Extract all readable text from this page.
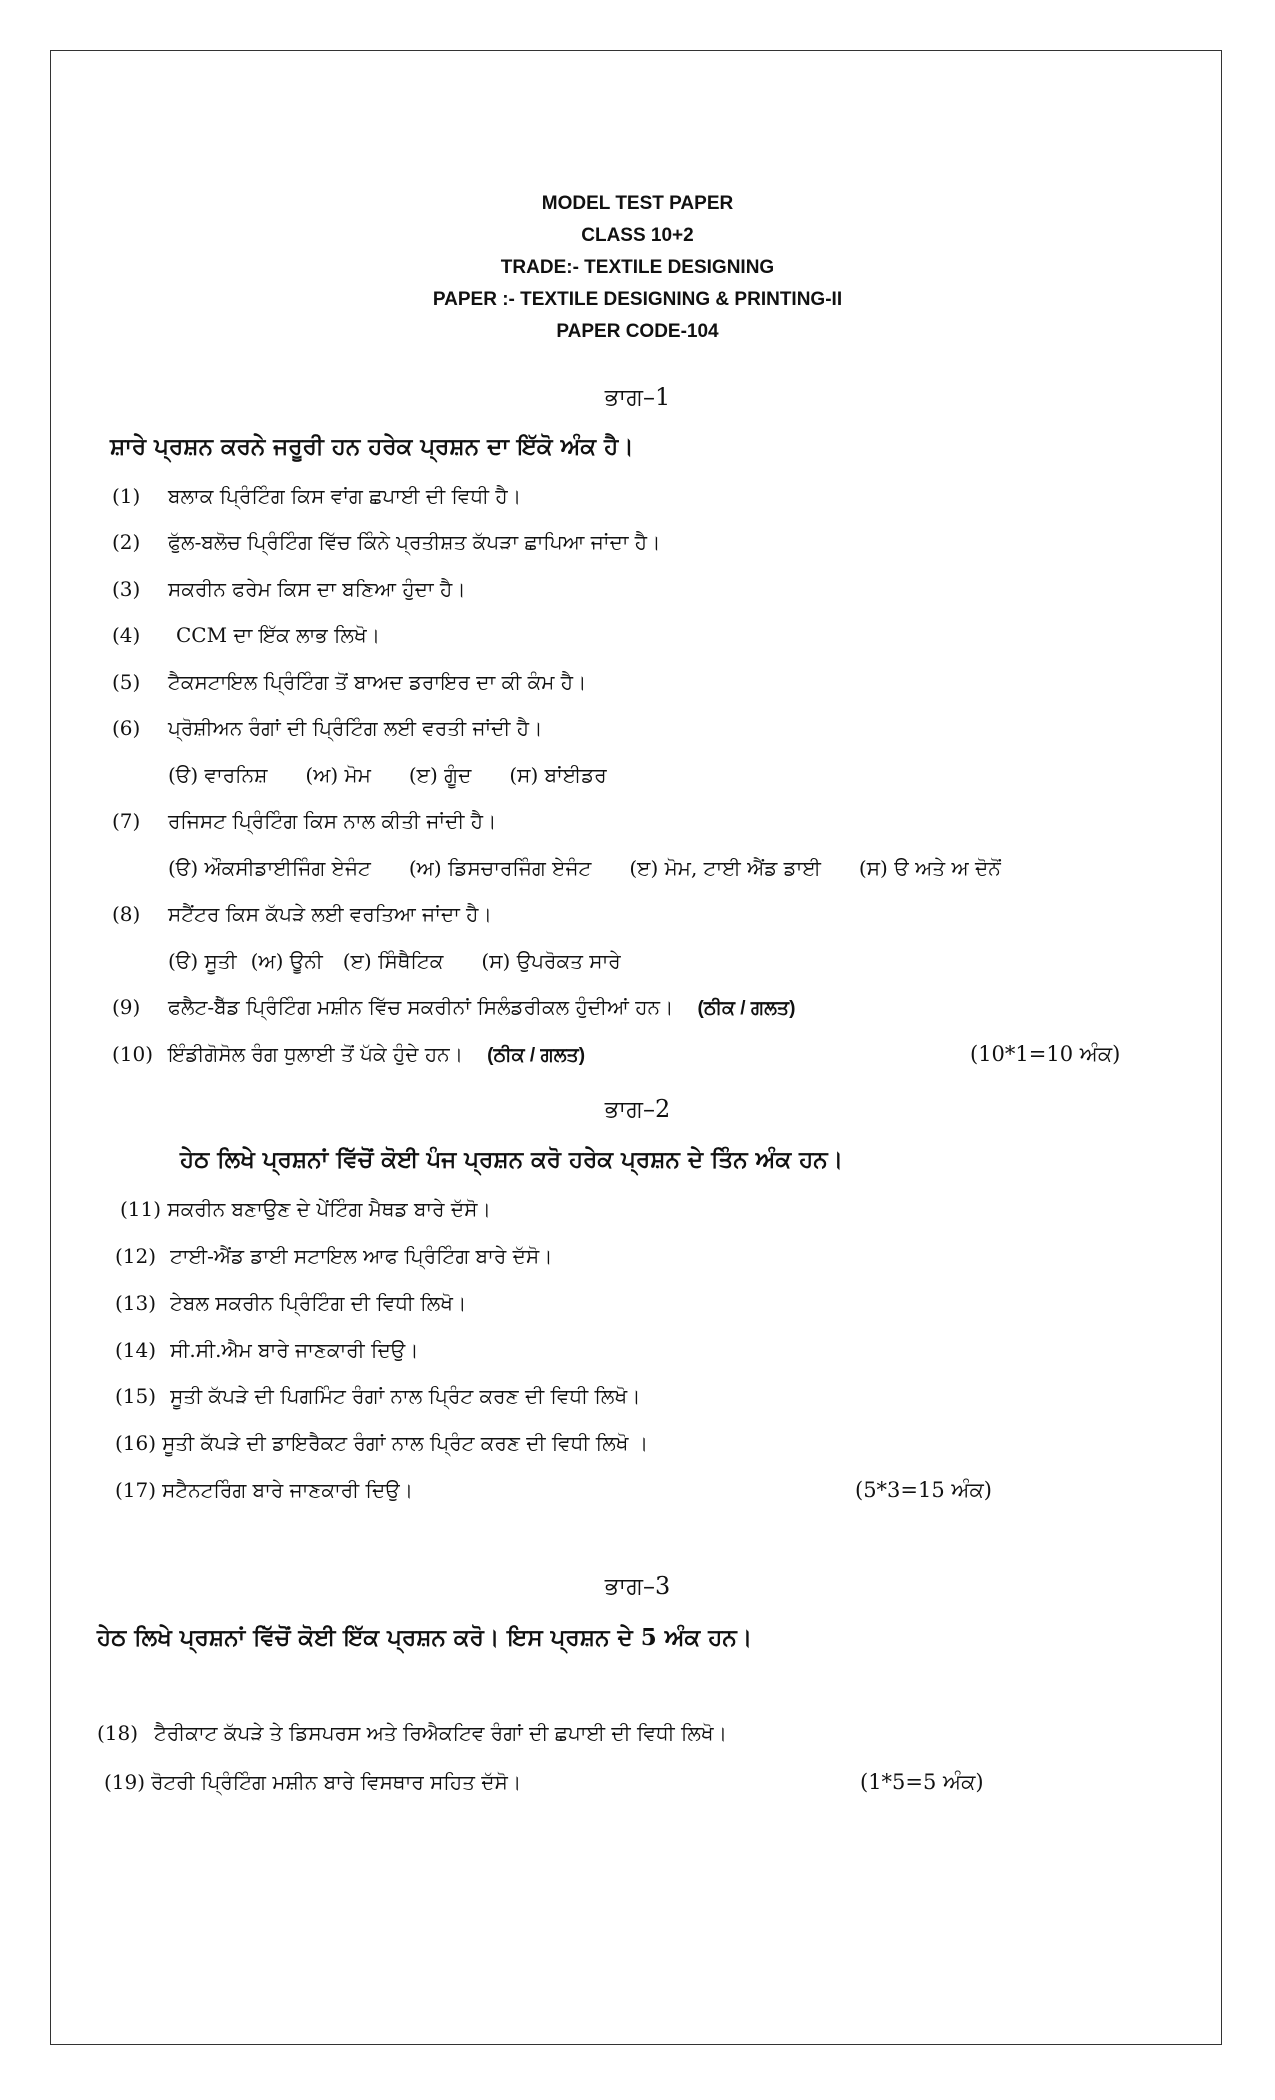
MODEL TEST PAPER
CLASS 10+2
TRADE:- TEXTILE DESIGNING
PAPER :- TEXTILE DESIGNING & PRINTING-II
PAPER CODE-104
ਭਾਗ–1
ਸ਼ਾਰੇ ਪ੍ਰਸ਼ਨ ਕਰਨੇ ਜਰੂਰੀ ਹਨ ਹਰੇਕ ਪ੍ਰਸ਼ਨ ਦਾ ਇੱਕੋ ਅੰਕ ਹੈ।
(1) ਬਲਾਕ ਪ੍ਰਿੰਟਿੰਗ ਕਿਸ ਵਾਂਗ ਛਪਾਈ ਦੀ ਵਿਧੀ ਹੈ।
(2) ਫੁੱਲ-ਬਲੋਚ ਪ੍ਰਿੰਟਿੰਗ ਵਿੱਚ ਕਿੰਨੇ ਪ੍ਰਤੀਸ਼ਤ ਕੱਪੜਾ ਛਾਪਿਆ ਜਾਂਦਾ ਹੈ।
(3) ਸਕਰੀਨ ਫਰੇਮ ਕਿਸ ਦਾ ਬਣਿਆ ਹੁੰਦਾ ਹੈ।
(4) CCM ਦਾ ਇੱਕ ਲਾਭ ਲਿਖੋ।
(5) ਟੈਕਸਟਾਇਲ ਪ੍ਰਿੰਟਿੰਗ ਤੋਂ ਬਾਅਦ ਡਰਾਇਰ ਦਾ ਕੀ ਕੰਮ ਹੈ।
(6) ਪ੍ਰੋਸ਼ੀਅਨ ਰੰਗਾਂ ਦੀ ਪ੍ਰਿੰਟਿੰਗ ਲਈ ਵਰਤੀ ਜਾਂਦੀ ਹੈ।
(ੳ) ਵਾਰਨਿਸ਼ (ਅ) ਮੋਮ (ੲ) ਗੂੰਦ (ਸ) ਬਾਂਈਡਰ
(7) ਰਜਿਸਟ ਪ੍ਰਿੰਟਿੰਗ ਕਿਸ ਨਾਲ ਕੀਤੀ ਜਾਂਦੀ ਹੈ।
(ੳ) ਔਕਸੀਡਾਈਜਿੰਗ ਏਜੰਟ (ਅ) ਡਿਸਚਾਰਜਿੰਗ ਏਜੰਟ (ੲ) ਮੋਮ, ਟਾਈ ਐਂਡ ਡਾਈ (ਸ) ੳ ਅਤੇ ਅ ਦੋਨੋਂ
(8) ਸਟੈਂਟਰ ਕਿਸ ਕੱਪੜੇ ਲਈ ਵਰਤਿਆ ਜਾਂਦਾ ਹੈ।
(ੳ) ਸੂਤੀ (ਅ) ਊਨੀ (ੲ) ਸਿੰਥੈਟਿਕ (ਸ) ਉਪਰੋਕਤ ਸਾਰੇ
(9) ਫਲੈਟ-ਬੈੱਡ ਪ੍ਰਿੰਟਿੰਗ ਮਸ਼ੀਨ ਵਿੱਚ ਸਕਰੀਨਾਂ ਸਿਲੰਡਰੀਕਲ ਹੁੰਦੀਆਂ ਹਨ। (ਠੀਕ / ਗਲਤ)
(10) ਇੰਡੀਗੋਸੋਲ ਰੰਗ ਧੁਲਾਈ ਤੋਂ ਪੱਕੇ ਹੁੰਦੇ ਹਨ। (ਠੀਕ / ਗਲਤ)	(10*1=10 ਅੰਕ)
ਭਾਗ–2
ਹੇਠ ਲਿਖੇ ਪ੍ਰਸ਼ਨਾਂ ਵਿੱਚੋਂ ਕੋਈ ਪੰਜ ਪ੍ਰਸ਼ਨ ਕਰੋ ਹਰੇਕ ਪ੍ਰਸ਼ਨ ਦੇ ਤਿੰਨ ਅੰਕ ਹਨ।
(11) ਸਕਰੀਨ ਬਣਾਉਣ ਦੇ ਪੇਂਟਿੰਗ ਮੈਥਡ ਬਾਰੇ ਦੱਸੋ।
(12) ਟਾਈ-ਐਂਡ ਡਾਈ ਸਟਾਇਲ ਆਫ ਪ੍ਰਿੰਟਿੰਗ ਬਾਰੇ ਦੱਸੋ।
(13) ਟੇਬਲ ਸਕਰੀਨ ਪ੍ਰਿੰਟਿੰਗ ਦੀ ਵਿਧੀ ਲਿਖੋ।
(14) ਸੀ.ਸੀ.ਐਮ ਬਾਰੇ ਜਾਣਕਾਰੀ ਦਿਉ।
(15) ਸੂਤੀ ਕੱਪੜੇ ਦੀ ਪਿਗਮਿੰਟ ਰੰਗਾਂ ਨਾਲ ਪ੍ਰਿੰਟ ਕਰਣ ਦੀ ਵਿਧੀ ਲਿਖੋ।
(16) ਸੂਤੀ ਕੱਪੜੇ ਦੀ ਡਾਇਰੈਕਟ ਰੰਗਾਂ ਨਾਲ ਪ੍ਰਿੰਟ ਕਰਣ ਦੀ ਵਿਧੀ ਲਿਖੋ ।
(17) ਸਟੈਨਟਰਿੰਗ ਬਾਰੇ ਜਾਣਕਾਰੀ ਦਿਉ।	(5*3=15 ਅੰਕ)
ਭਾਗ–3
ਹੇਠ ਲਿਖੇ ਪ੍ਰਸ਼ਨਾਂ ਵਿੱਚੋਂ ਕੋਈ ਇੱਕ ਪ੍ਰਸ਼ਨ ਕਰੋ। ਇਸ ਪ੍ਰਸ਼ਨ ਦੇ 5 ਅੰਕ ਹਨ।
(18) ਟੈਰੀਕਾਟ ਕੱਪੜੇ ਤੇ ਡਿਸਪਰਸ ਅਤੇ ਰਿਐਕਟਿਵ ਰੰਗਾਂ ਦੀ ਛਪਾਈ ਦੀ ਵਿਧੀ ਲਿਖੋ।
(19) ਰੋਟਰੀ ਪ੍ਰਿੰਟਿੰਗ ਮਸ਼ੀਨ ਬਾਰੇ ਵਿਸਥਾਰ ਸਹਿਤ ਦੱਸੋ।	(1*5=5 ਅੰਕ)
